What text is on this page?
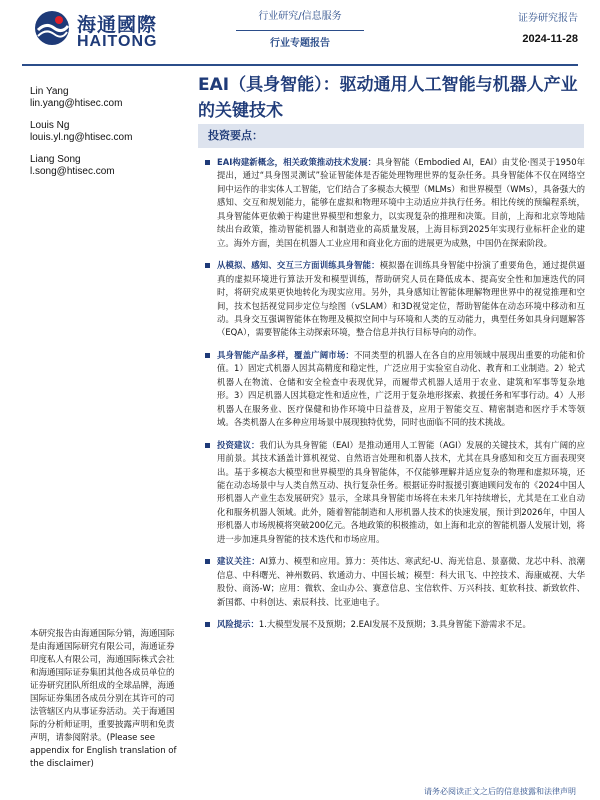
海通國際
HAITONG
行业研究/信息服务
行业专题报告
证券研究报告
2024-11-28
Lin Yang
lin.yang@htisec.com
Louis Ng
louis.yl.ng@htisec.com
Liang Song
l.song@htisec.com
EAI（具身智能）：驱动通用人工智能与机器人产业的关键技术
投资要点：
EAI构建新概念，相关政策推动技术发展：具身智能（Embodied AI，EAI）由艾伦·图灵于1950年提出，通过“具身图灵测试”验证智能体是否能处理物理世界的复杂任务。具身智能体不仅在网络空间中运作的非实体人工智能，它们结合了多模态大模型（MLMs）和世界模型（WMs），具备强大的感知、交互和规划能力，能够在虚拟和物理环境中主动适应并执行任务。相比传统的预编程系统，具身智能体更依赖于构建世界模型和想象力，以实现复杂的推理和决策。目前，上海和北京等地陆续出台政策，推动智能机器人和制造业的高质量发展，上海目标到2025年实现行业标杆企业的建立。海外方面，美国在机器人工业应用和商业化方面的进展更为成熟，中国仍在探索阶段。
从模拟、感知、交互三方面训练具身智能：模拟器在训练具身智能中扮演了重要角色，通过提供逼真的虚拟环境进行算法开发和模型训练，帮助研究人员在降低成本、提高安全性和加速迭代的同时，将研究成果更快地转化为现实应用。另外，具身感知让智能体理解物理世界中的视觉推理和空间，技术包括视觉同步定位与绘图（vSLAM）和3D视觉定位，帮助智能体在动态环境中移动和互动。具身交互强调智能体在物理及模拟空间中与环境和人类的互动能力，典型任务如具身问题解答（EQA），需要智能体主动探索环境，整合信息并执行目标导向的动作。
具身智能产品多样，覆盖广阔市场：不同类型的机器人在各自的应用领域中展现出重要的功能和价值。1）固定式机器人因其高精度和稳定性，广泛应用于实验室自动化、教育和工业制造。2）轮式机器人在物流、仓储和安全检查中表现优异，而履带式机器人适用于农业、建筑和军事等复杂地形。3）四足机器人因其稳定性和适应性，广泛用于复杂地形探索、救援任务和军事行动。4）人形机器人在服务业、医疗保健和协作环境中日益普及，应用于智能交互、精密制造和医疗手术等领域。各类机器人在多种应用场景中展现独特优势，同时也面临不同的技术挑战。
投资建议：我们认为具身智能（EAI）是推动通用人工智能（AGI）发展的关键技术，其有广阔的应用前景。其技术涵盖计算机视觉、自然语言处理和机器人技术，尤其在具身感知和交互方面表现突出。基于多模态大模型和世界模型的具身智能体，不仅能够理解并适应复杂的物理和虚拟环境，还能在动态场景中与人类自然互动、执行复杂任务。根据证券时报援引赛迪顾问发布的《2024中国人形机器人产业生态发展研究》显示，全球具身智能市场将在未来几年持续增长，尤其是在工业自动化和服务机器人领域。此外，随着智能制造和人形机器人技术的快速发展，预计到2026年，中国人形机器人市场规模将突破200亿元。各地政策的积极推动，如上海和北京的智能机器人发展计划，将进一步加速具身智能的技术迭代和市场应用。
建议关注：AI算力、模型和应用。算力：英伟达、寒武纪-U、海光信息、景嘉微、龙芯中科、浪潮信息、中科曙光、神州数码、软通动力、中国长城；模型：科大讯飞、中控技术、海康威视、大华股份、商汤-W；应用：微软、金山办公、赛意信息、宝信软件、万兴科技、虹软科技、新致软件、新国都、中科创达、索辰科技、比亚迪电子。
风险提示：1.大模型发展不及预期；2.EAI发展不及预期；3.具身智能下游需求不足。
本研究报告由海通国际分销，海通国际是由海通国际研究有限公司，海通证券印度私人有限公司，海通国际株式会社和海通国际证券集团其他各成员单位的证券研究团队所组成的全球品牌，海通国际证券集团各成员分别在其许可的司法管辖区内从事证券活动。关于海通国际的分析师证明，重要披露声明和免责声明，请参阅附录。(Please see appendix for English translation of the disclaimer)
请务必阅读正文之后的信息披露和法律声明
